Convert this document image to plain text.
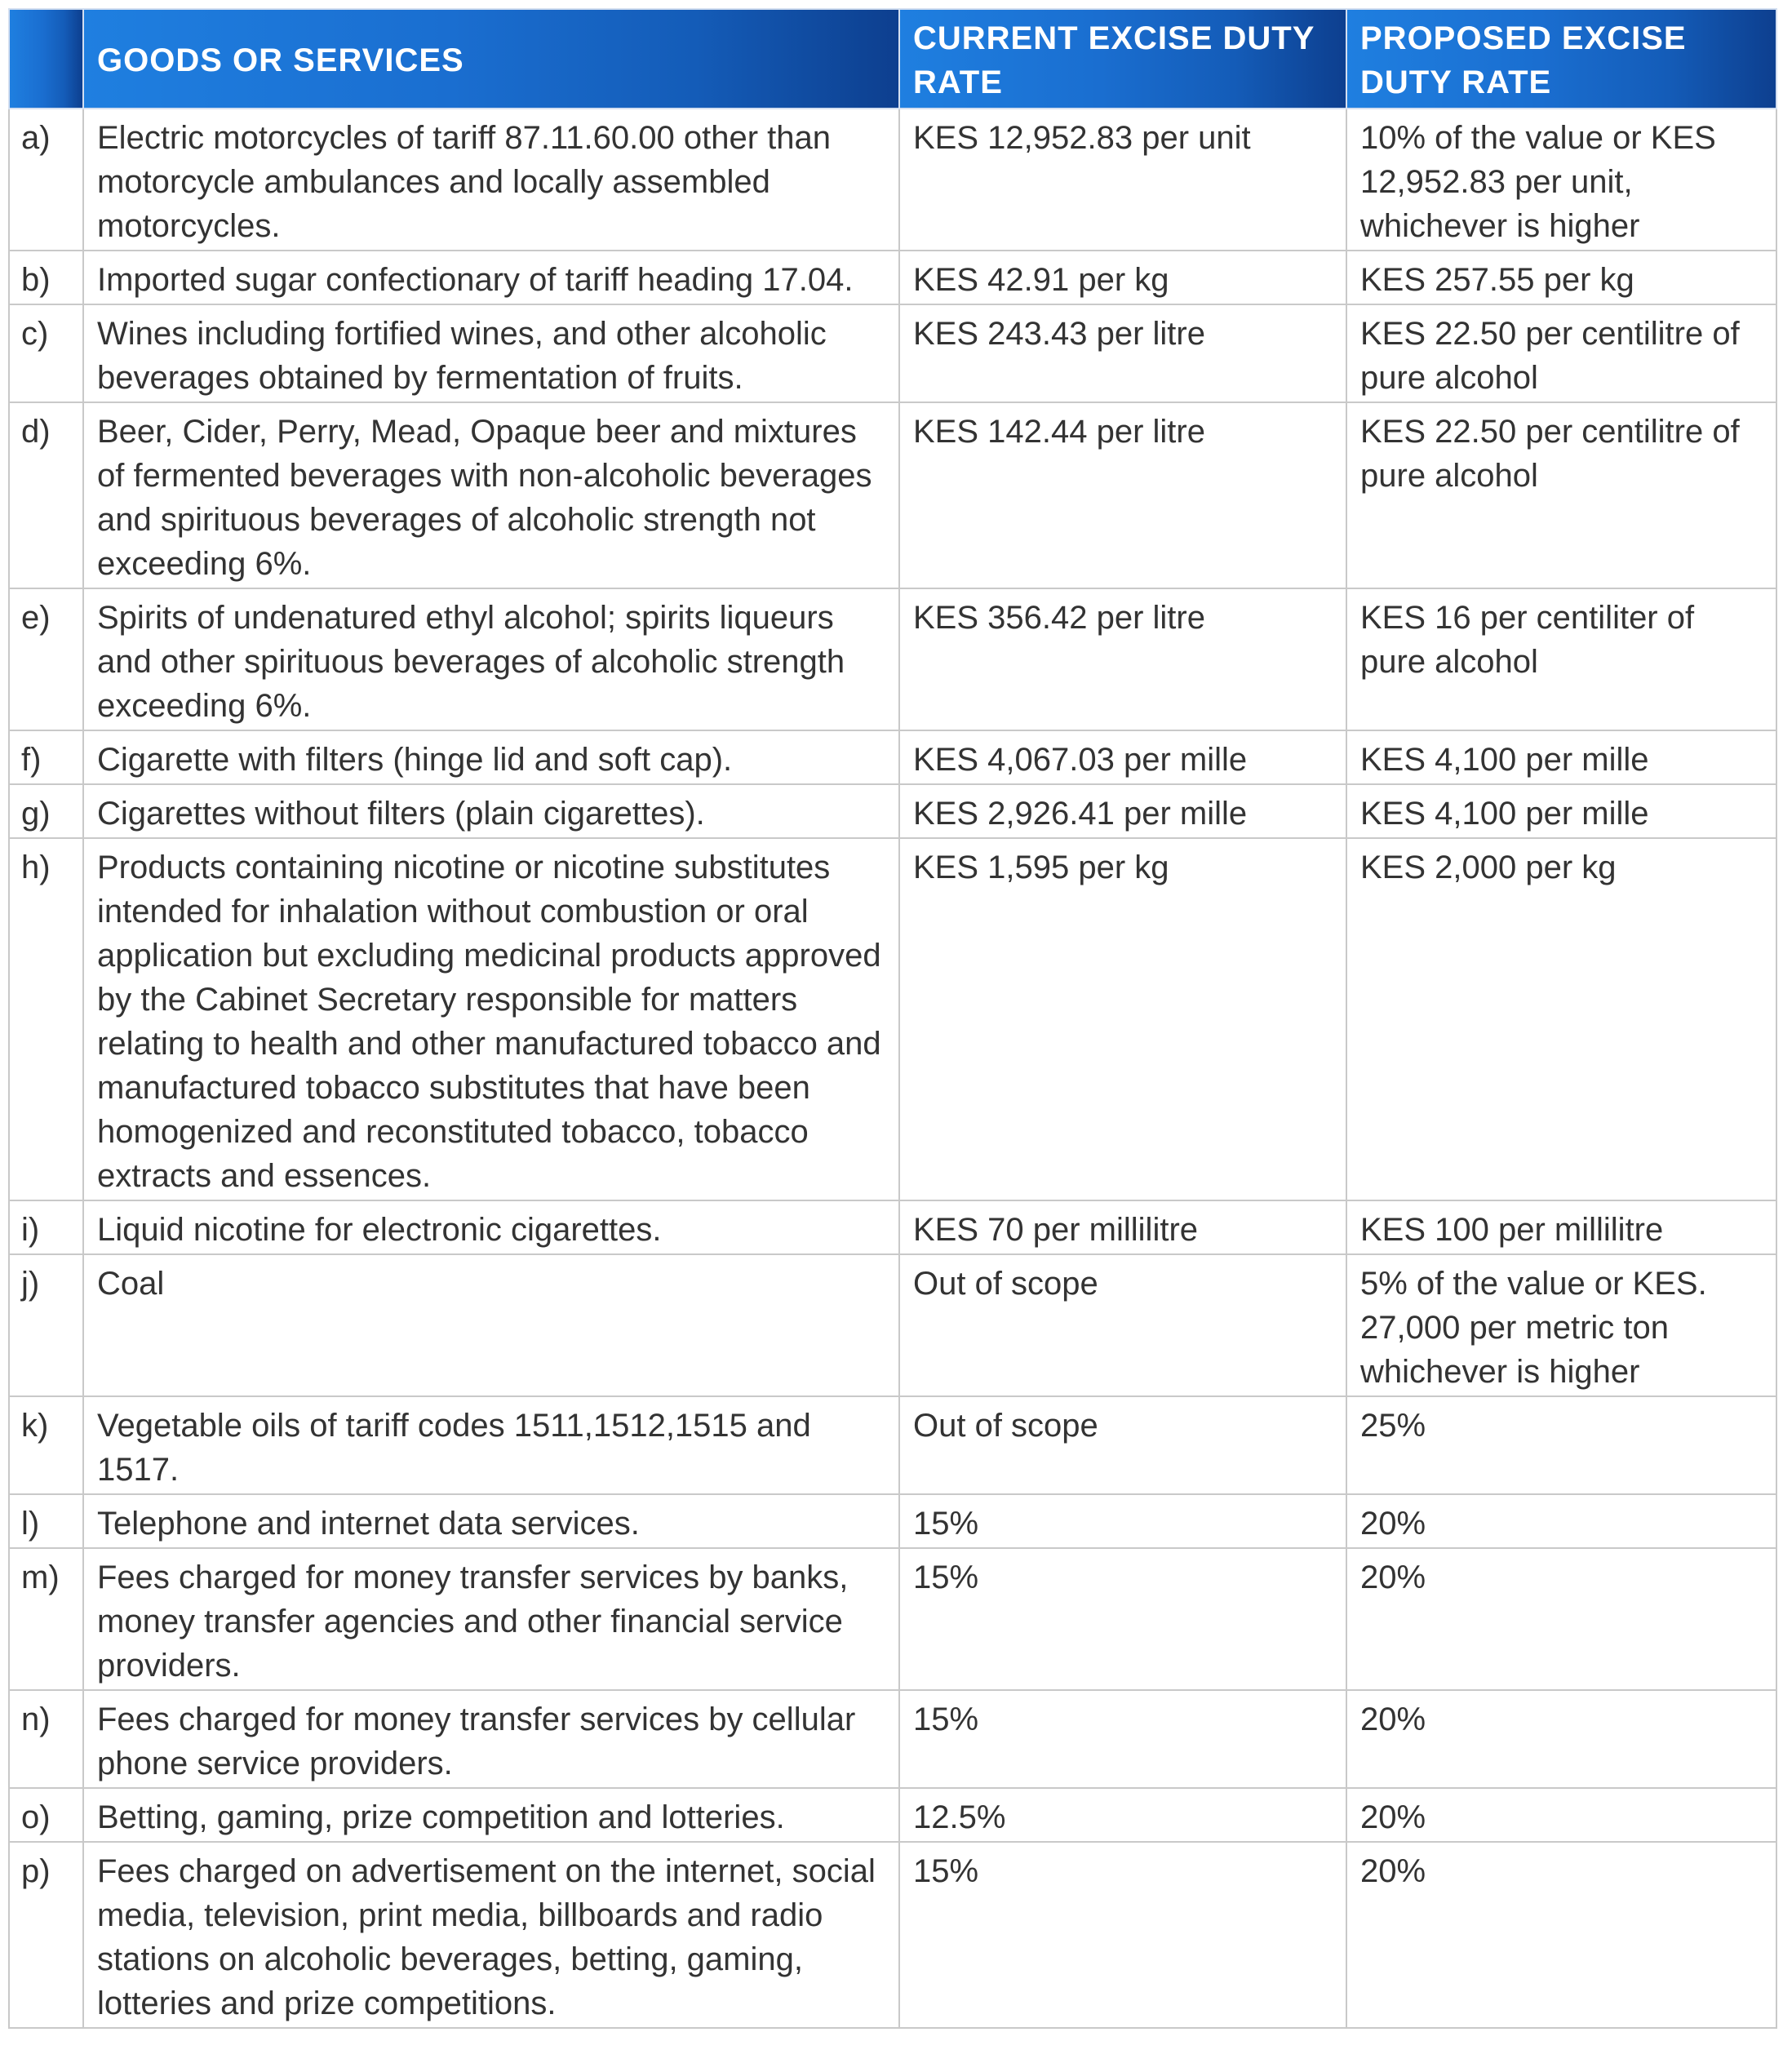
	GOODS OR SERVICES	CURRENT EXCISE DUTY RATE	PROPOSED EXCISE DUTY RATE
a)	Electric motorcycles of tariff 87.11.60.00 other than motorcycle ambulances and locally assembled motorcycles.	KES 12,952.83 per unit	10% of the value or KES 12,952.83 per unit, whichever is higher
b)	Imported sugar confectionary of tariff heading 17.04.	KES 42.91 per kg	KES 257.55 per kg
c)	Wines including fortified wines, and other alcoholic beverages obtained by fermentation of fruits.	KES 243.43 per litre	KES 22.50 per centilitre of pure alcohol
d)	Beer, Cider, Perry, Mead, Opaque beer and mixtures of fermented beverages with non-alcoholic beverages and spirituous beverages of alcoholic strength not exceeding 6%.	KES 142.44 per litre	KES 22.50 per centilitre of pure alcohol
e)	Spirits of undenatured ethyl alcohol; spirits liqueurs and other spirituous beverages of alcoholic strength exceeding 6%.	KES 356.42 per litre	KES 16 per centiliter of pure alcohol
f)	Cigarette with filters (hinge lid and soft cap).	KES 4,067.03 per mille	KES 4,100 per mille
g)	Cigarettes without filters (plain cigarettes).	KES 2,926.41 per mille	KES 4,100 per mille
h)	Products containing nicotine or nicotine substitutes intended for inhalation without combustion or oral application but excluding medicinal products approved by the Cabinet Secretary responsible for matters relating to health and other manufactured tobacco and manufactured tobacco substitutes that have been homogenized and reconstituted tobacco, tobacco extracts and essences.	KES 1,595 per kg	KES 2,000 per kg
i)	Liquid nicotine for electronic cigarettes.	KES 70 per millilitre	KES 100 per millilitre
j)	Coal	Out of scope	5% of the value or KES. 27,000 per metric ton whichever is higher
k)	Vegetable oils of tariff codes 1511,1512,1515 and 1517.	Out of scope	25%
l)	Telephone and internet data services.	15%	20%
m)	Fees charged for money transfer services by banks, money transfer agencies and other financial service providers.	15%	20%
n)	Fees charged for money transfer services by cellular phone service providers.	15%	20%
o)	Betting, gaming, prize competition and lotteries.	12.5%	20%
p)	Fees charged on advertisement on the internet, social media, television, print media, billboards and radio stations on alcoholic beverages, betting, gaming, lotteries and prize competitions.	15%	20%
